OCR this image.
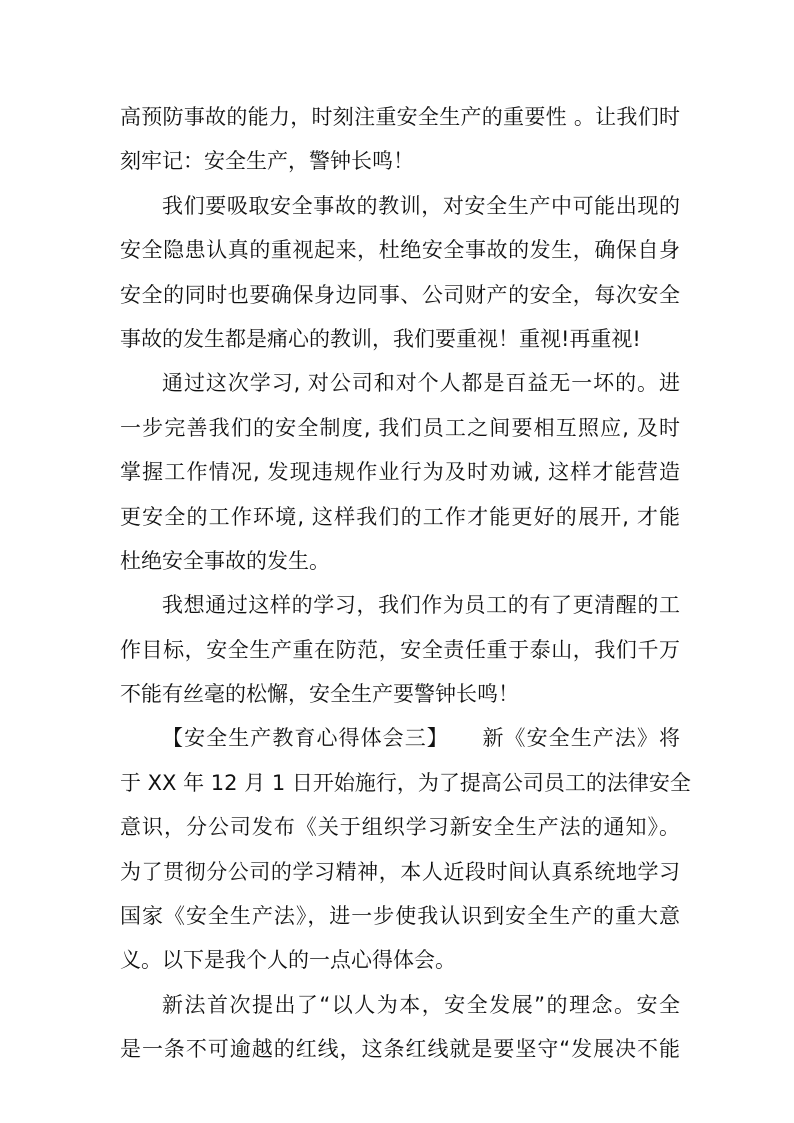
高预防事故的能力，时刻注重安全生产的重要性 。让我们时
刻牢记：安全生产，警钟长鸣！
我们要吸取安全事故的教训，对安全生产中可能出现的
安全隐患认真的重视起来，杜绝安全事故的发生，确保自身
安全的同时也要确保身边同事、公司财产的安全，每次安全
事故的发生都是痛心的教训，我们要重视！重视!再重视!
通过这次学习, 对公司和对个人都是百益无一坏的。进
一步完善我们的安全制度, 我们员工之间要相互照应, 及时
掌握工作情况, 发现违规作业行为及时劝诫, 这样才能营造
更安全的工作环境, 这样我们的工作才能更好的展开, 才能
杜绝安全事故的发生。
我想通过这样的学习，我们作为员工的有了更清醒的工
作目标，安全生产重在防范，安全责任重于泰山，我们千万
不能有丝毫的松懈，安全生产要警钟长鸣！
【安全生产教育心得体会三】　　新《安全生产法》将
于 XX 年 12 月 1 日开始施行，为了提高公司员工的法律安全
意识，分公司发布《关于组织学习新安全生产法的通知》。
为了贯彻分公司的学习精神，本人近段时间认真系统地学习
国家《安全生产法》，进一步使我认识到安全生产的重大意
义。以下是我个人的一点心得体会。
新法首次提出了“以人为本，安全发展”的理念。安全
是一条不可逾越的红线，这条红线就是要坚守“发展决不能
